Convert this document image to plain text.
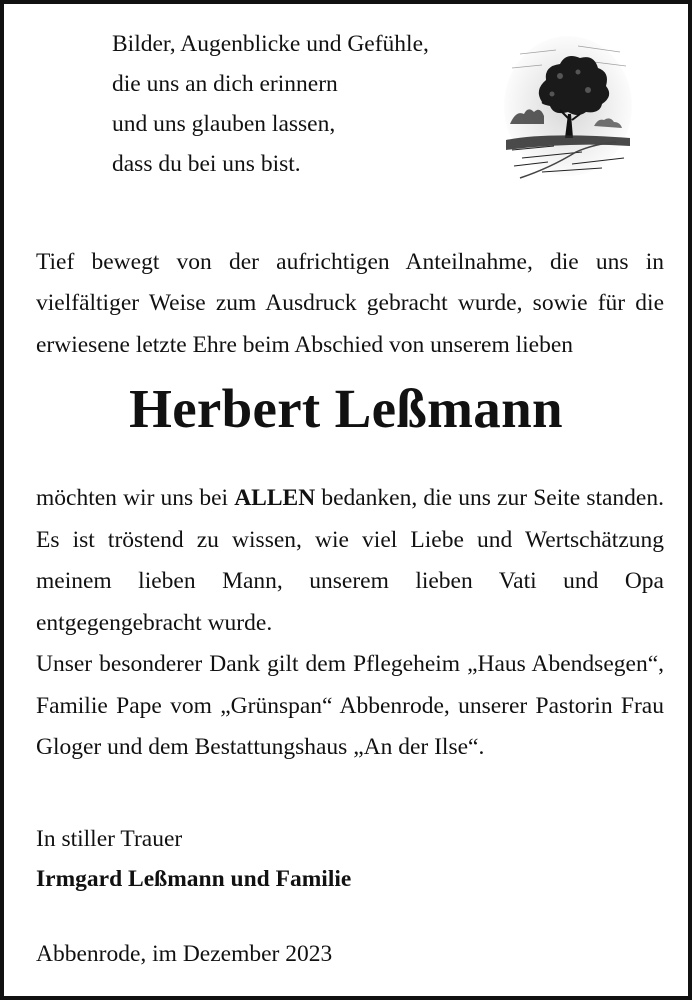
Bilder, Augenblicke und Gefühle,
die uns an dich erinnern
und uns glauben lassen,
dass du bei uns bist.

Tief bewegt von der aufrichtigen Anteilnahme, die uns in vielfältiger Weise zum Ausdruck gebracht wurde, sowie für die erwiesene letzte Ehre beim Abschied von unserem lieben

Herbert Leßmann

möchten wir uns bei ALLEN bedanken, die uns zur Seite standen. Es ist tröstend zu wissen, wie viel Liebe und Wertschätzung meinem lieben Mann, unserem lieben Vati und Opa entgegengebracht wurde.

Unser besonderer Dank gilt dem Pflegeheim „Haus Abendsegen“, Familie Pape vom „Grünspan“ Abbenrode, unserer Pastorin Frau Gloger und dem Bestattungshaus „An der Ilse“.

In stiller Trauer
Irmgard Leßmann und Familie
Abbenrode, im Dezember 2023
